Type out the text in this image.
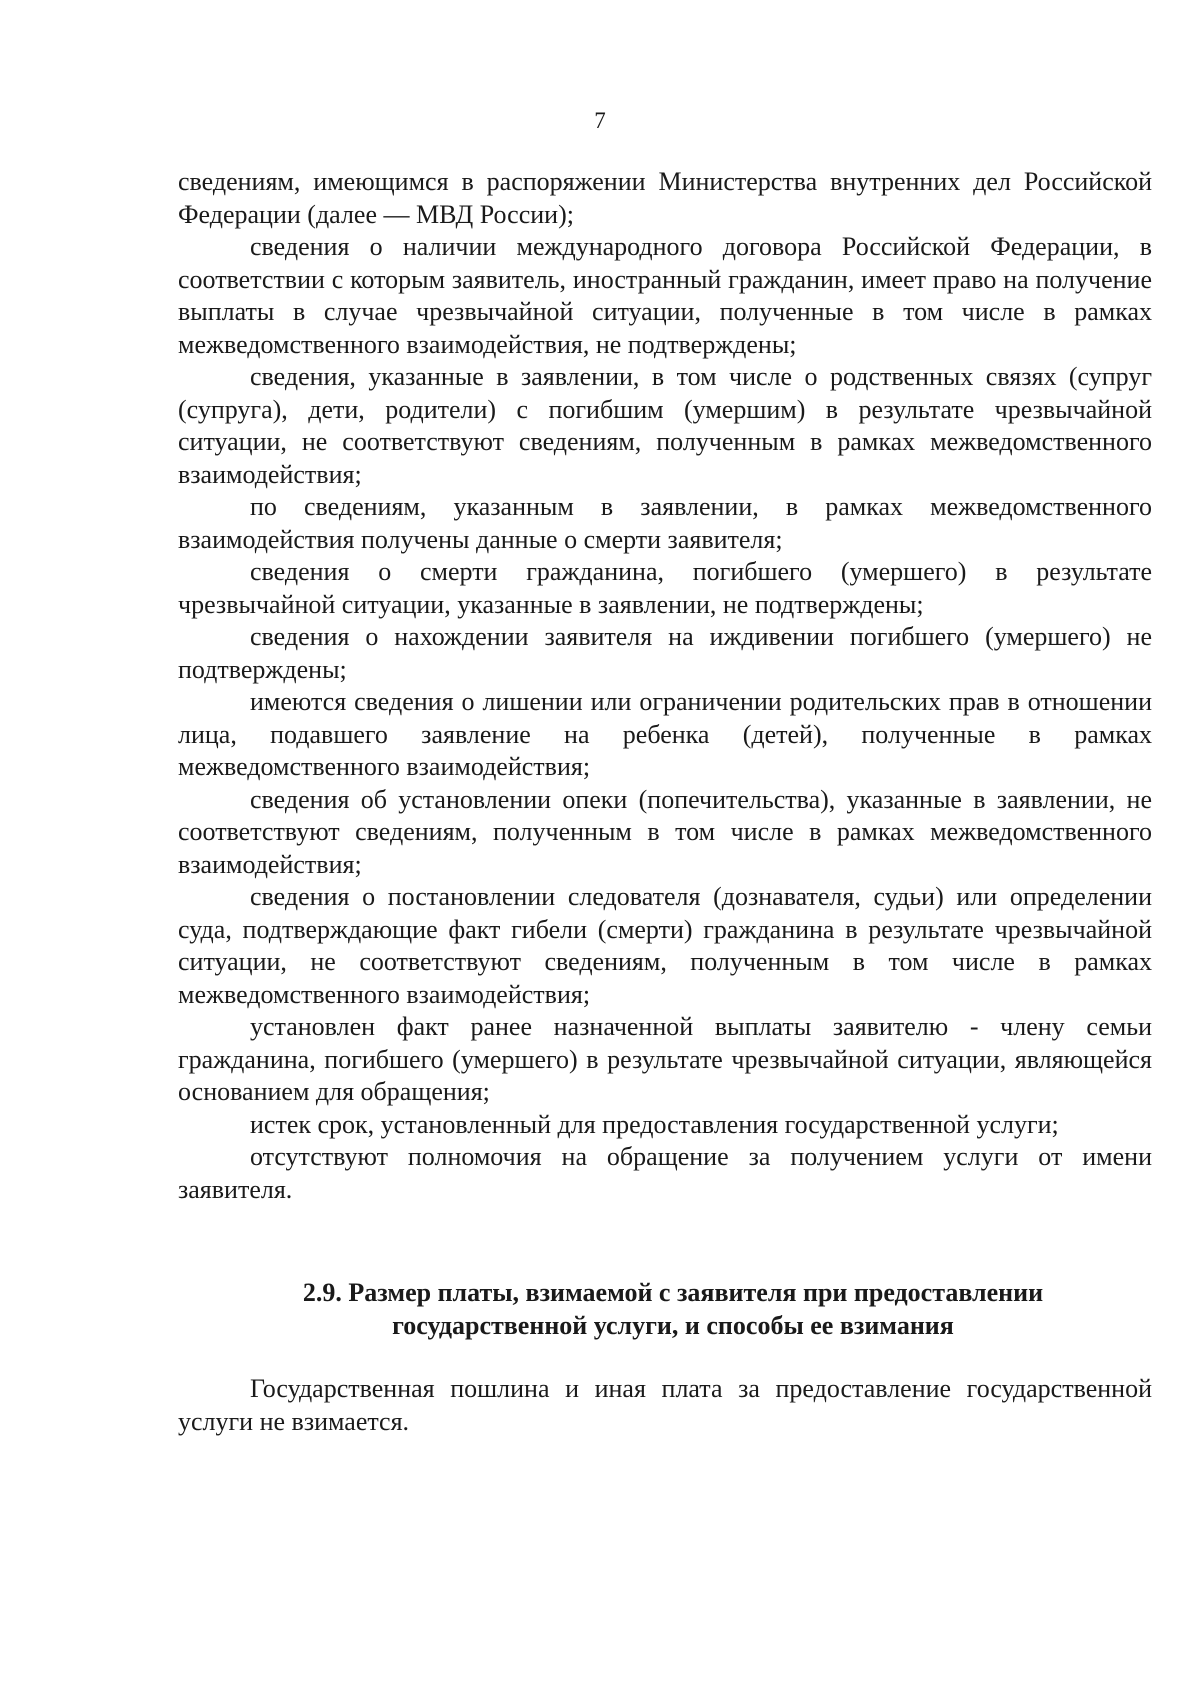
7

сведениям, имеющимся в распоряжении Министерства внутренних дел Российской Федерации (далее — МВД России);

сведения о наличии международного договора Российской Федерации, в соответствии с которым заявитель, иностранный гражданин, имеет право на получение выплаты в случае чрезвычайной ситуации, полученные в том числе в рамках межведомственного взаимодействия, не подтверждены;

сведения, указанные в заявлении, в том числе о родственных связях (супруг (супруга), дети, родители) с погибшим (умершим) в результате чрезвычайной ситуации, не соответствуют сведениям, полученным в рамках межведомственного взаимодействия;

по сведениям, указанным в заявлении, в рамках межведомственного взаимодействия получены данные о смерти заявителя;

сведения о смерти гражданина, погибшего (умершего) в результате чрезвычайной ситуации, указанные в заявлении, не подтверждены;

сведения о нахождении заявителя на иждивении погибшего (умершего) не подтверждены;

имеются сведения о лишении или ограничении родительских прав в отношении лица, подавшего заявление на ребенка (детей), полученные в рамках межведомственного взаимодействия;

сведения об установлении опеки (попечительства), указанные в заявлении, не соответствуют сведениям, полученным в том числе в рамках межведомственного взаимодействия;

сведения о постановлении следователя (дознавателя, судьи) или определении суда, подтверждающие факт гибели (смерти) гражданина в результате чрезвычайной ситуации, не соответствуют сведениям, полученным в том числе в рамках межведомственного взаимодействия;

установлен факт ранее назначенной выплаты заявителю - члену семьи гражданина, погибшего (умершего) в результате чрезвычайной ситуации, являющейся основанием для обращения;

истек срок, установленный для предоставления государственной услуги;

отсутствуют полномочия на обращение за получением услуги от имени заявителя.

2.9. Размер платы, взимаемой с заявителя при предоставлении
государственной услуги, и способы ее взимания

Государственная пошлина и иная плата за предоставление государственной услуги не взимается.
